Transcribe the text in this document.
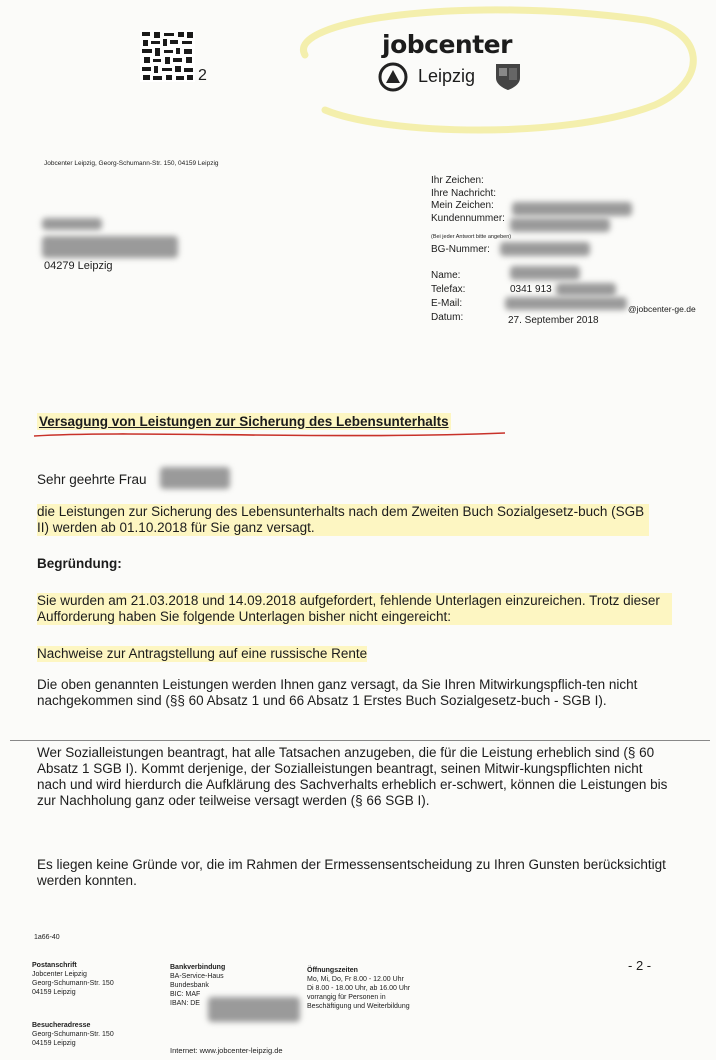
2
jobcenter
Leipzig
Jobcenter Leipzig, Georg-Schumann-Str. 150, 04159 Leipzig
04279 Leipzig
Ihr Zeichen:
Ihre Nachricht:
Mein Zeichen:
Kundennummer:
(Bei jeder Antwort bitte angeben)
BG-Nummer:
Name:
Telefax:	0341 913
E-Mail:	@jobcenter-ge.de
Datum:	27. September 2018
Versagung von Leistungen zur Sicherung des Lebensunterhalts
Sehr geehrte Frau
die Leistungen zur Sicherung des Lebensunterhalts nach dem Zweiten Buch Sozialgesetz-buch (SGB II) werden ab 01.10.2018 für Sie ganz versagt.
Begründung:
Sie wurden am 21.03.2018 und 14.09.2018 aufgefordert, fehlende Unterlagen einzureichen. Trotz dieser Aufforderung haben Sie folgende Unterlagen bisher nicht eingereicht:
Nachweise zur Antragstellung auf eine russische Rente
Die oben genannten Leistungen werden Ihnen ganz versagt, da Sie Ihren Mitwirkungspflich-ten nicht nachgekommen sind (§§ 60 Absatz 1 und 66 Absatz 1 Erstes Buch Sozialgesetz-buch - SGB I).
Wer Sozialleistungen beantragt, hat alle Tatsachen anzugeben, die für die Leistung erheblich sind (§ 60 Absatz 1 SGB I). Kommt derjenige, der Sozialleistungen beantragt, seinen Mitwir-kungspflichten nicht nach und wird hierdurch die Aufklärung des Sachverhalts erheblich er-schwert, können die Leistungen bis zur Nachholung ganz oder teilweise versagt werden (§ 66 SGB I).
Es liegen keine Gründe vor, die im Rahmen der Ermessensentscheidung zu Ihren Gunsten berücksichtigt werden konnten.
1a66-40
- 2 -
Postanschrift
Jobcenter Leipzig
Georg-Schumann-Str. 150
04159 Leipzig
Besucheradresse
Georg-Schumann-Str. 150
04159 Leipzig
Bankverbindung
BA-Service-Haus
Bundesbank
BIC: MAF
IBAN: DE
Internet: www.jobcenter-leipzig.de
Öffnungszeiten
Mo, Mi, Do, Fr 8.00 - 12.00 Uhr
Di 8.00 - 18.00 Uhr, ab 16.00 Uhr
vorrangig für Personen in
Beschäftigung und Weiterbildung
